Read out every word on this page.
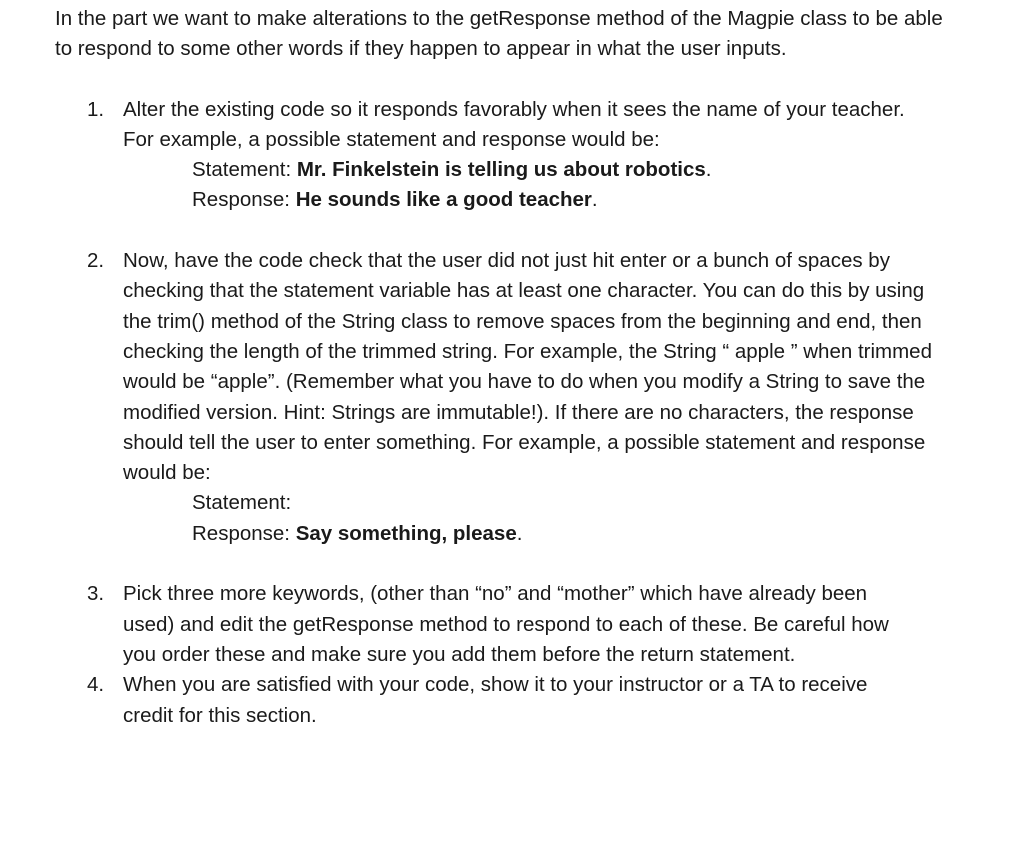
In the part we want to make alterations to the getResponse method of the Magpie class to be able to respond to some other words if they happen to appear in what the user inputs.

1. Alter the existing code so it responds favorably when it sees the name of your teacher. For example, a possible statement and response would be:

Statement: Mr. Finkelstein is telling us about robotics.
Response: He sounds like a good teacher.
2. Now, have the code check that the user did not just hit enter or a bunch of spaces by checking that the statement variable has at least one character. You can do this by using the trim() method of the String class to remove spaces from the beginning and end, then checking the length of the trimmed string. For example, the String “ apple ” when trimmed would be “apple”. (Remember what you have to do when you modify a String to save the modified version. Hint: Strings are immutable!). If there are no characters, the response should tell the user to enter something. For example, a possible statement and response would be:

Statement:
Response: Say something, please.
3. Pick three more keywords, (other than “no” and “mother” which have already been used) and edit the getResponse method to respond to each of these. Be careful how you order these and make sure you add them before the return statement.

4. When you are satisfied with your code, show it to your instructor or a TA to receive credit for this section.
